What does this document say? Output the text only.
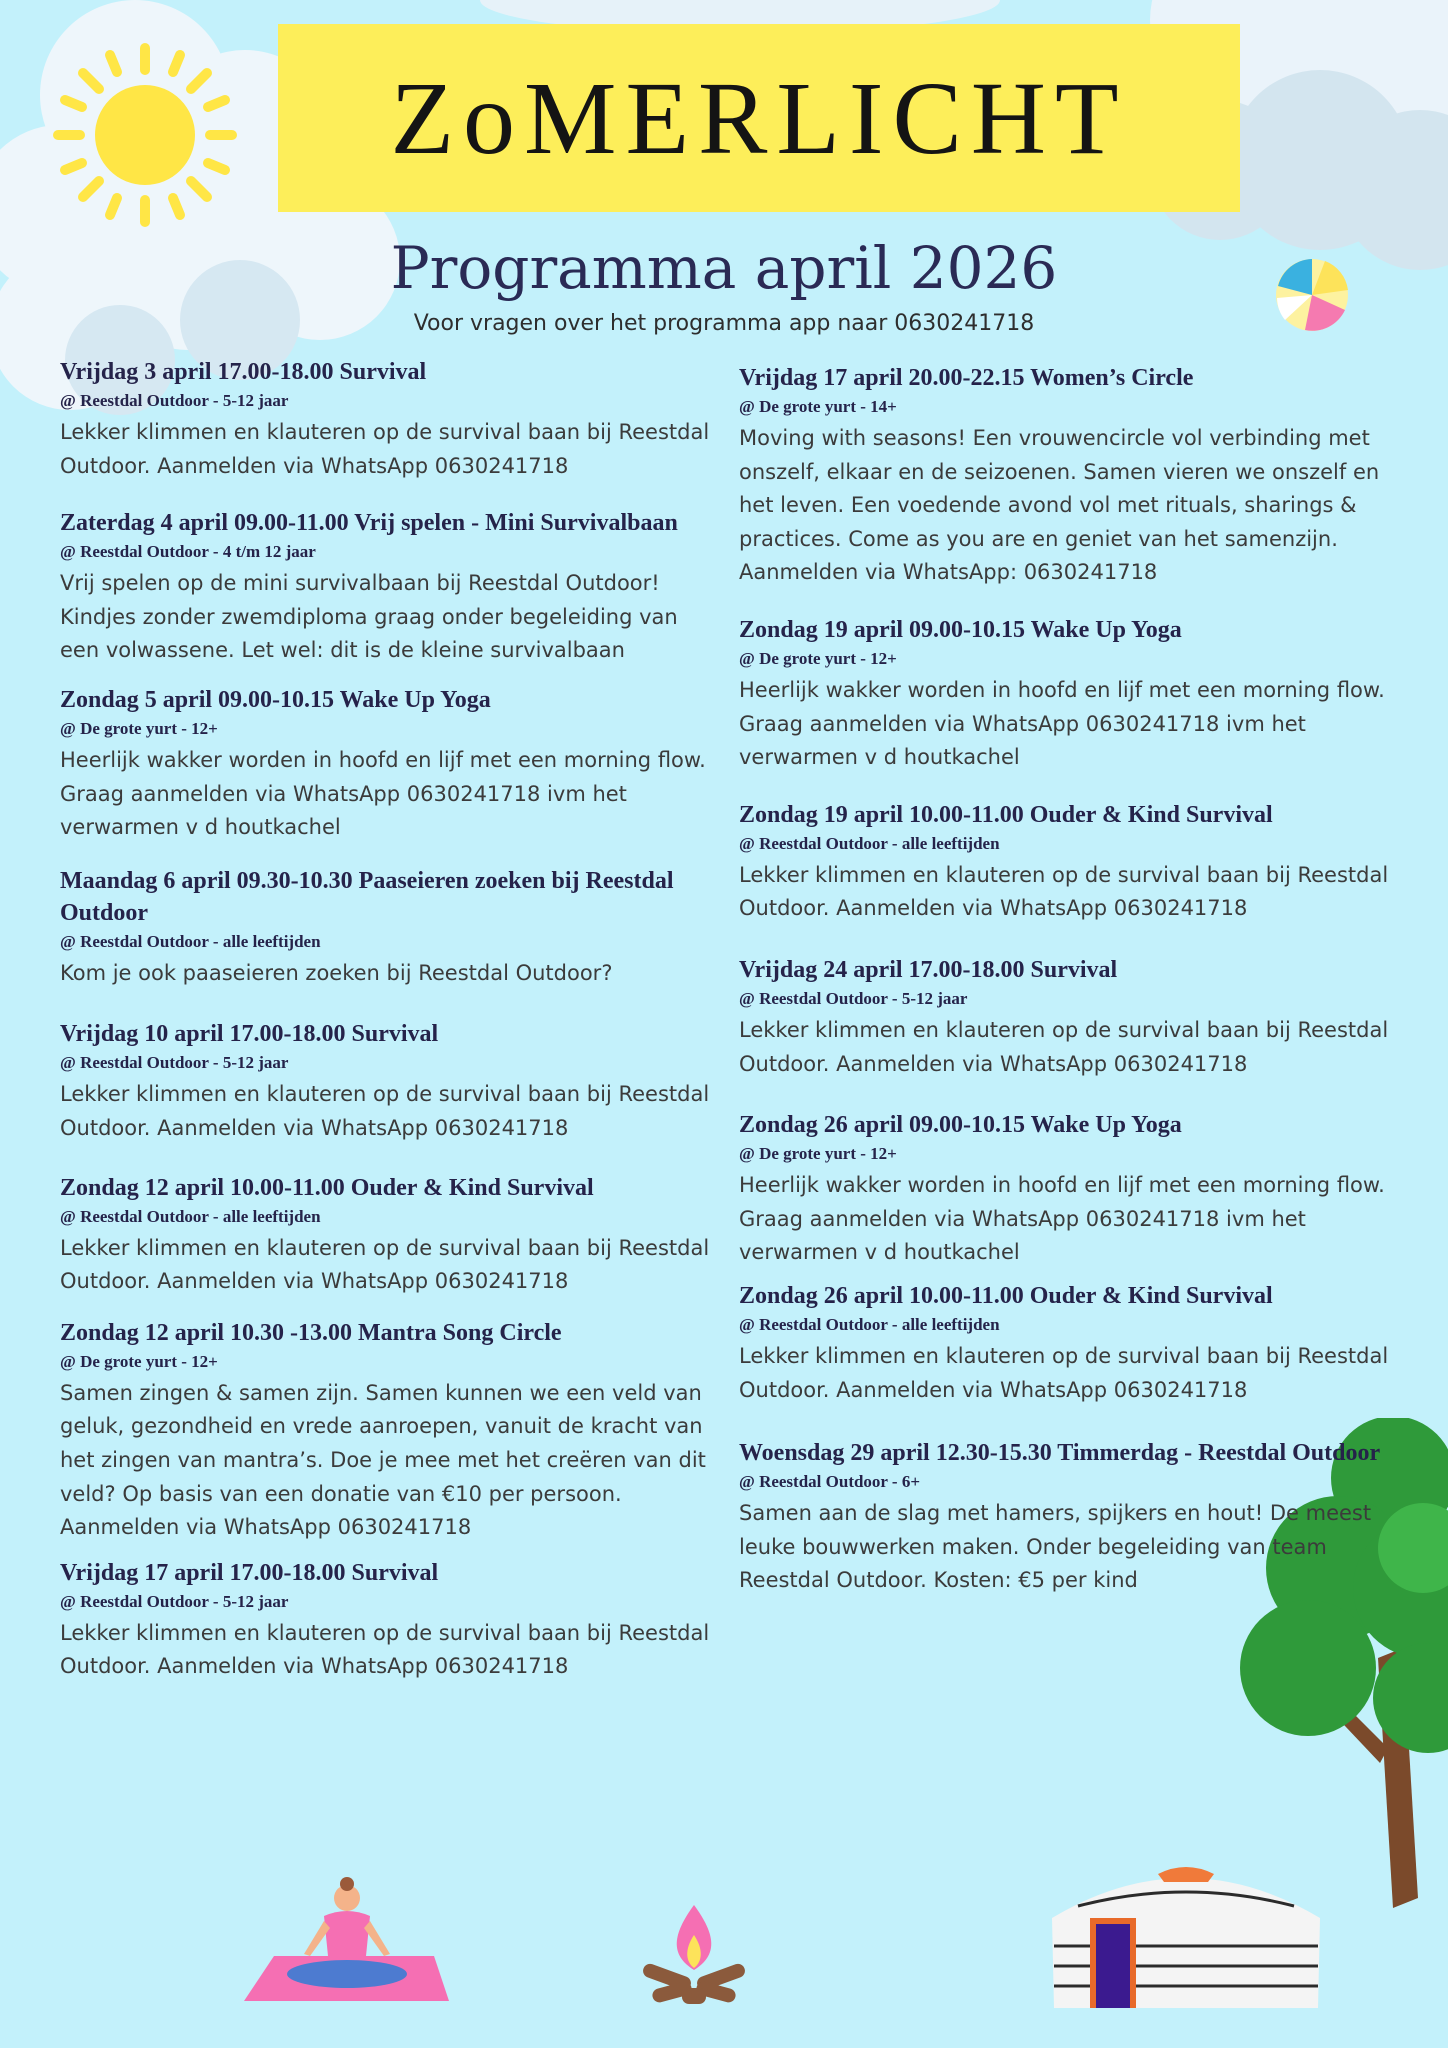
ZoMERLICHT
Programma april 2026
Voor vragen over het programma app naar 0630241718
Vrijdag 3 april 17.00-18.00 Survival
@ Reestdal Outdoor - 5-12 jaar
Lekker klimmen en klauteren op de survival baan bij Reestdal Outdoor. Aanmelden via WhatsApp 0630241718
Zaterdag 4 april 09.00-11.00 Vrij spelen - Mini Survivalbaan
@ Reestdal Outdoor - 4 t/m 12 jaar
Vrij spelen op de mini survivalbaan bij Reestdal Outdoor! Kindjes zonder zwemdiploma graag onder begeleiding van een volwassene. Let wel: dit is de kleine survivalbaan
Zondag 5 april 09.00-10.15 Wake Up Yoga
@ De grote yurt - 12+
Heerlijk wakker worden in hoofd en lijf met een morning flow. Graag aanmelden via WhatsApp 0630241718 ivm het verwarmen v d houtkachel
Maandag 6 april 09.30-10.30 Paaseieren zoeken bij Reestdal Outdoor
@ Reestdal Outdoor - alle leeftijden
Kom je ook paaseieren zoeken bij Reestdal Outdoor?
Vrijdag 10 april 17.00-18.00 Survival
@ Reestdal Outdoor - 5-12 jaar
Lekker klimmen en klauteren op de survival baan bij Reestdal Outdoor. Aanmelden via WhatsApp 0630241718
Zondag 12 april 10.00-11.00 Ouder & Kind Survival
@ Reestdal Outdoor - alle leeftijden
Lekker klimmen en klauteren op de survival baan bij Reestdal Outdoor. Aanmelden via WhatsApp 0630241718
Zondag 12 april 10.30 -13.00 Mantra Song Circle
@ De grote yurt - 12+
Samen zingen & samen zijn. Samen kunnen we een veld van geluk, gezondheid en vrede aanroepen, vanuit de kracht van het zingen van mantra’s. Doe je mee met het creëren van dit veld? Op basis van een donatie van €10 per persoon. Aanmelden via WhatsApp 0630241718
Vrijdag 17 april 17.00-18.00 Survival
@ Reestdal Outdoor - 5-12 jaar
Lekker klimmen en klauteren op de survival baan bij Reestdal Outdoor. Aanmelden via WhatsApp 0630241718
Vrijdag 17 april 20.00-22.15 Women’s Circle
@ De grote yurt - 14+
Moving with seasons! Een vrouwencircle vol verbinding met onszelf, elkaar en de seizoenen. Samen vieren we onszelf en het leven. Een voedende avond vol met rituals, sharings & practices. Come as you are en geniet van het samenzijn. Aanmelden via WhatsApp: 0630241718
Zondag 19 april 09.00-10.15 Wake Up Yoga
@ De grote yurt - 12+
Heerlijk wakker worden in hoofd en lijf met een morning flow. Graag aanmelden via WhatsApp 0630241718 ivm het verwarmen v d houtkachel
Zondag 19 april 10.00-11.00 Ouder & Kind Survival
@ Reestdal Outdoor - alle leeftijden
Lekker klimmen en klauteren op de survival baan bij Reestdal Outdoor. Aanmelden via WhatsApp 0630241718
Vrijdag 24 april 17.00-18.00 Survival
@ Reestdal Outdoor - 5-12 jaar
Lekker klimmen en klauteren op de survival baan bij Reestdal Outdoor. Aanmelden via WhatsApp 0630241718
Zondag 26 april 09.00-10.15 Wake Up Yoga
@ De grote yurt - 12+
Heerlijk wakker worden in hoofd en lijf met een morning flow. Graag aanmelden via WhatsApp 0630241718 ivm het verwarmen v d houtkachel
Zondag 26 april 10.00-11.00 Ouder & Kind Survival
@ Reestdal Outdoor - alle leeftijden
Lekker klimmen en klauteren op de survival baan bij Reestdal Outdoor. Aanmelden via WhatsApp 0630241718
Woensdag 29 april 12.30-15.30 Timmerdag - Reestdal Outdoor
@ Reestdal Outdoor - 6+
Samen aan de slag met hamers, spijkers en hout! De meest leuke bouwwerken maken. Onder begeleiding van team Reestdal Outdoor. Kosten: €5 per kind
